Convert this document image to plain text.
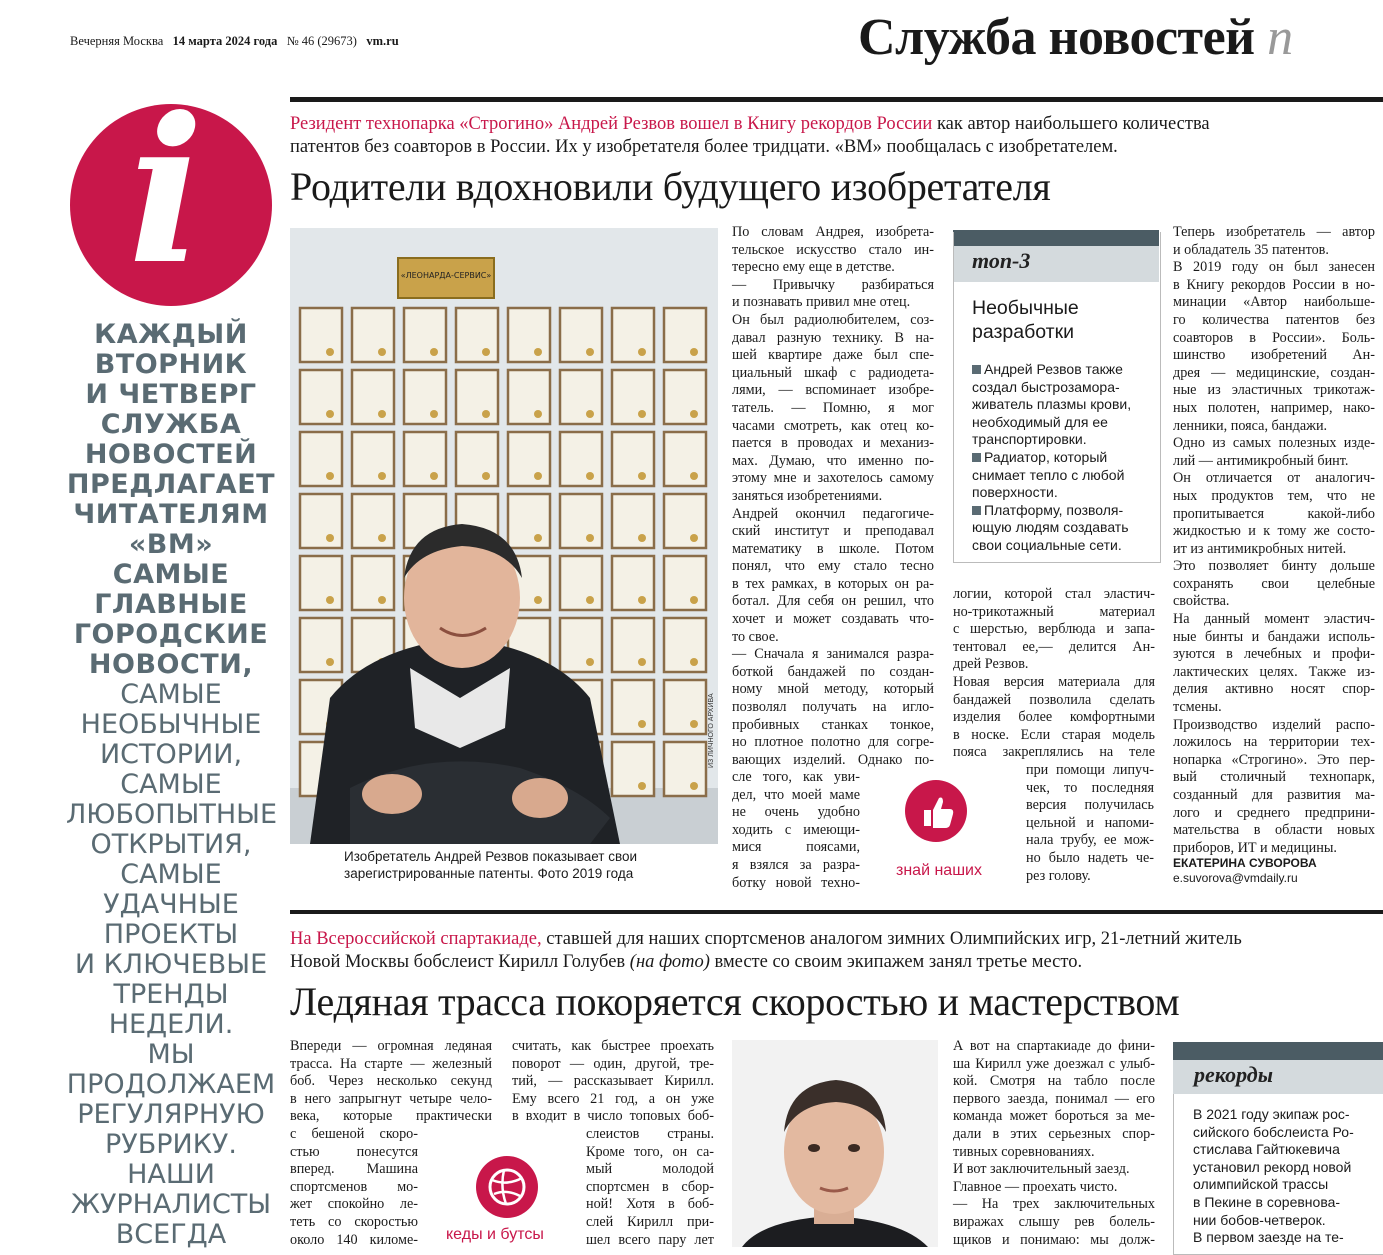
Вечерняя Москва 14 марта 2024 года № 46 (29673) vm.ru	Служба новостей п
i
КАЖДЫЙ
ВТОРНИК
И ЧЕТВЕРГ
СЛУЖБА
НОВОСТЕЙ
ПРЕДЛАГАЕТ
ЧИТАТЕЛЯМ
«ВМ»
САМЫЕ
ГЛАВНЫЕ
ГОРОДСКИЕ
НОВОСТИ,
САМЫЕ
НЕОБЫЧНЫЕ
ИСТОРИИ,
САМЫЕ
ЛЮБОПЫТНЫЕ
ОТКРЫТИЯ,
САМЫЕ
УДАЧНЫЕ
ПРОЕКТЫ
И КЛЮЧЕВЫЕ
ТРЕНДЫ
НЕДЕЛИ.
МЫ
ПРОДОЛЖАЕМ
РЕГУЛЯРНУЮ
РУБРИКУ.
НАШИ
ЖУРНАЛИСТЫ
ВСЕГДА
Резидент технопарка «Строгино» Андрей Резвов вошел в Книгу рекордов России как автор наибольшего количества
патентов без соавторов в России. Их у изобретателя более тридцати. «ВМ» пообщалась с изобретателем.
Родители вдохновили будущего изобретателя
«ЛЕОНАРДА-СЕРВИС»
ИЗ ЛИЧНОГО АРХИВА
Изобретатель Андрей Резвов показывает свои
зарегистрированные патенты. Фото 2019 года
По словам Андрея, изобрета-
тельское искусство стало ин-
тересно ему еще в детстве.
— Привычку разбираться
и познавать привил мне отец.
Он был радиолюбителем, соз-
давал разную технику. В на-
шей квартире даже был спе-
циальный шкаф с радиодета-
лями, — вспоминает изобре-
татель. — Помню, я мог
часами смотреть, как отец ко-
пается в проводах и механиз-
мах. Думаю, что именно по-
этому мне и захотелось самому
заняться изобретениями.
Андрей окончил педагогиче-
ский институт и преподавал
математику в школе. Потом
понял, что ему стало тесно
в тех рамках, в которых он ра-
ботал. Для себя он решил, что
хочет и может создавать что-
то свое.
— Сначала я занимался разра-
боткой бандажей по создан-
ному мной методу, который
позволял получать на игло-
пробивных станках тонкое,
но плотное полотно для согре-
вающих изделий. Однако по-
сле того, как уви-
дел, что моей маме
не очень удобно
ходить с имеющи-
мися поясами,
я взялся за разра-
ботку новой техно-
топ-3
Необычные
разработки
Андрей Резвов также
создал быстрозамора-
живатель плазмы крови,
необходимый для ее
транспортировки.
Радиатор, который
снимает тепло с любой
поверхности.
Платформу, позволя-
ющую людям создавать
свои социальные сети.
логии, которой стал эластич-
но-трикотажный материал
с шерстью, верблюда и запа-
тентовал ее,— делится Ан-
дрей Резвов.
Новая версия материала для
бандажей позволила сделать
изделия более комфортными
в носке. Если старая модель
пояса закреплялись на теле
при помощи липуч-
чек, то последняя
версия получилась
цельной и напоми-
нала трубу, ее мож-
но было надеть че-
рез голову.
знай наших
Теперь изобретатель — автор
и обладатель 35 патентов.
В 2019 году он был занесен
в Книгу рекордов России в но-
минации «Автор наибольше-
го количества патентов без
соавторов в России». Боль-
шинство изобретений Ан-
дрея — медицинские, создан-
ные из эластичных трикотаж-
ных полотен, например, нако-
ленники, пояса, бандажи.
Одно из самых полезных изде-
лий — антимикробный бинт.
Он отличается от аналогич-
ных продуктов тем, что не
пропитывается какой-либо
жидкостью и к тому же состо-
ит из антимикробных нитей.
Это позволяет бинту дольше
сохранять свои целебные
свойства.
На данный момент эластич-
ные бинты и бандажи исполь-
зуются в лечебных и профи-
лактических целях. Также из-
делия активно носят спор-
тсмены.
Производство изделий распо-
ложилось на территории тех-
нопарка «Строгино». Это пер-
вый столичный технопарк,
созданный для развития ма-
лого и среднего предприни-
мательства в области новых
приборов, ИТ и медицины.
ЕКАТЕРИНА СУВОРОВА
e.suvorova@vmdaily.ru
На Всероссийской спартакиаде, ставшей для наших спортсменов аналогом зимних Олимпийских игр, 21-летний житель
Новой Москвы бобслеист Кирилл Голубев (на фото) вместе со своим экипажем занял третье место.
Ледяная трасса покоряется скоростью и мастерством
Впереди — огромная ледяная
трасса. На старте — железный
боб. Через несколько секунд
в него запрыгнут четыре чело-
века, которые практически
с бешеной скоро-
стью понесутся
вперед. Машина
спортсменов мо-
жет спокойно ле-
теть со скоростью
около 140 киломе-
считать, как быстрее проехать
поворот — один, другой, тре-
тий, — рассказывает Кирилл.
Ему всего 21 год, а он уже
в входит в число топовых боб-
слеистов страны.
Кроме того, он са-
мый молодой
спортсмен в сбор-
ной! Хотя в боб-
слей Кирилл при-
шел всего пару лет
кеды и бутсы
А вот на спартакиаде до фини-
ша Кирилл уже доезжал с улыб-
кой. Смотря на табло после
первого заезда, понимал — его
команда может бороться за ме-
дали в этих серьезных спор-
тивных соревнованиях.
И вот заключительный заезд.
Главное — проехать чисто.
— На трех заключительных
виражах слышу рев болель-
щиков и понимаю: мы долж-
рекорды
В 2021 году экипаж рос-
сийского бобслеиста Ро-
стислава Гайтюкевича
установил рекорд новой
олимпийской трассы
в Пекине в соревнова-
нии бобов-четверок.
В первом заезде на те-
